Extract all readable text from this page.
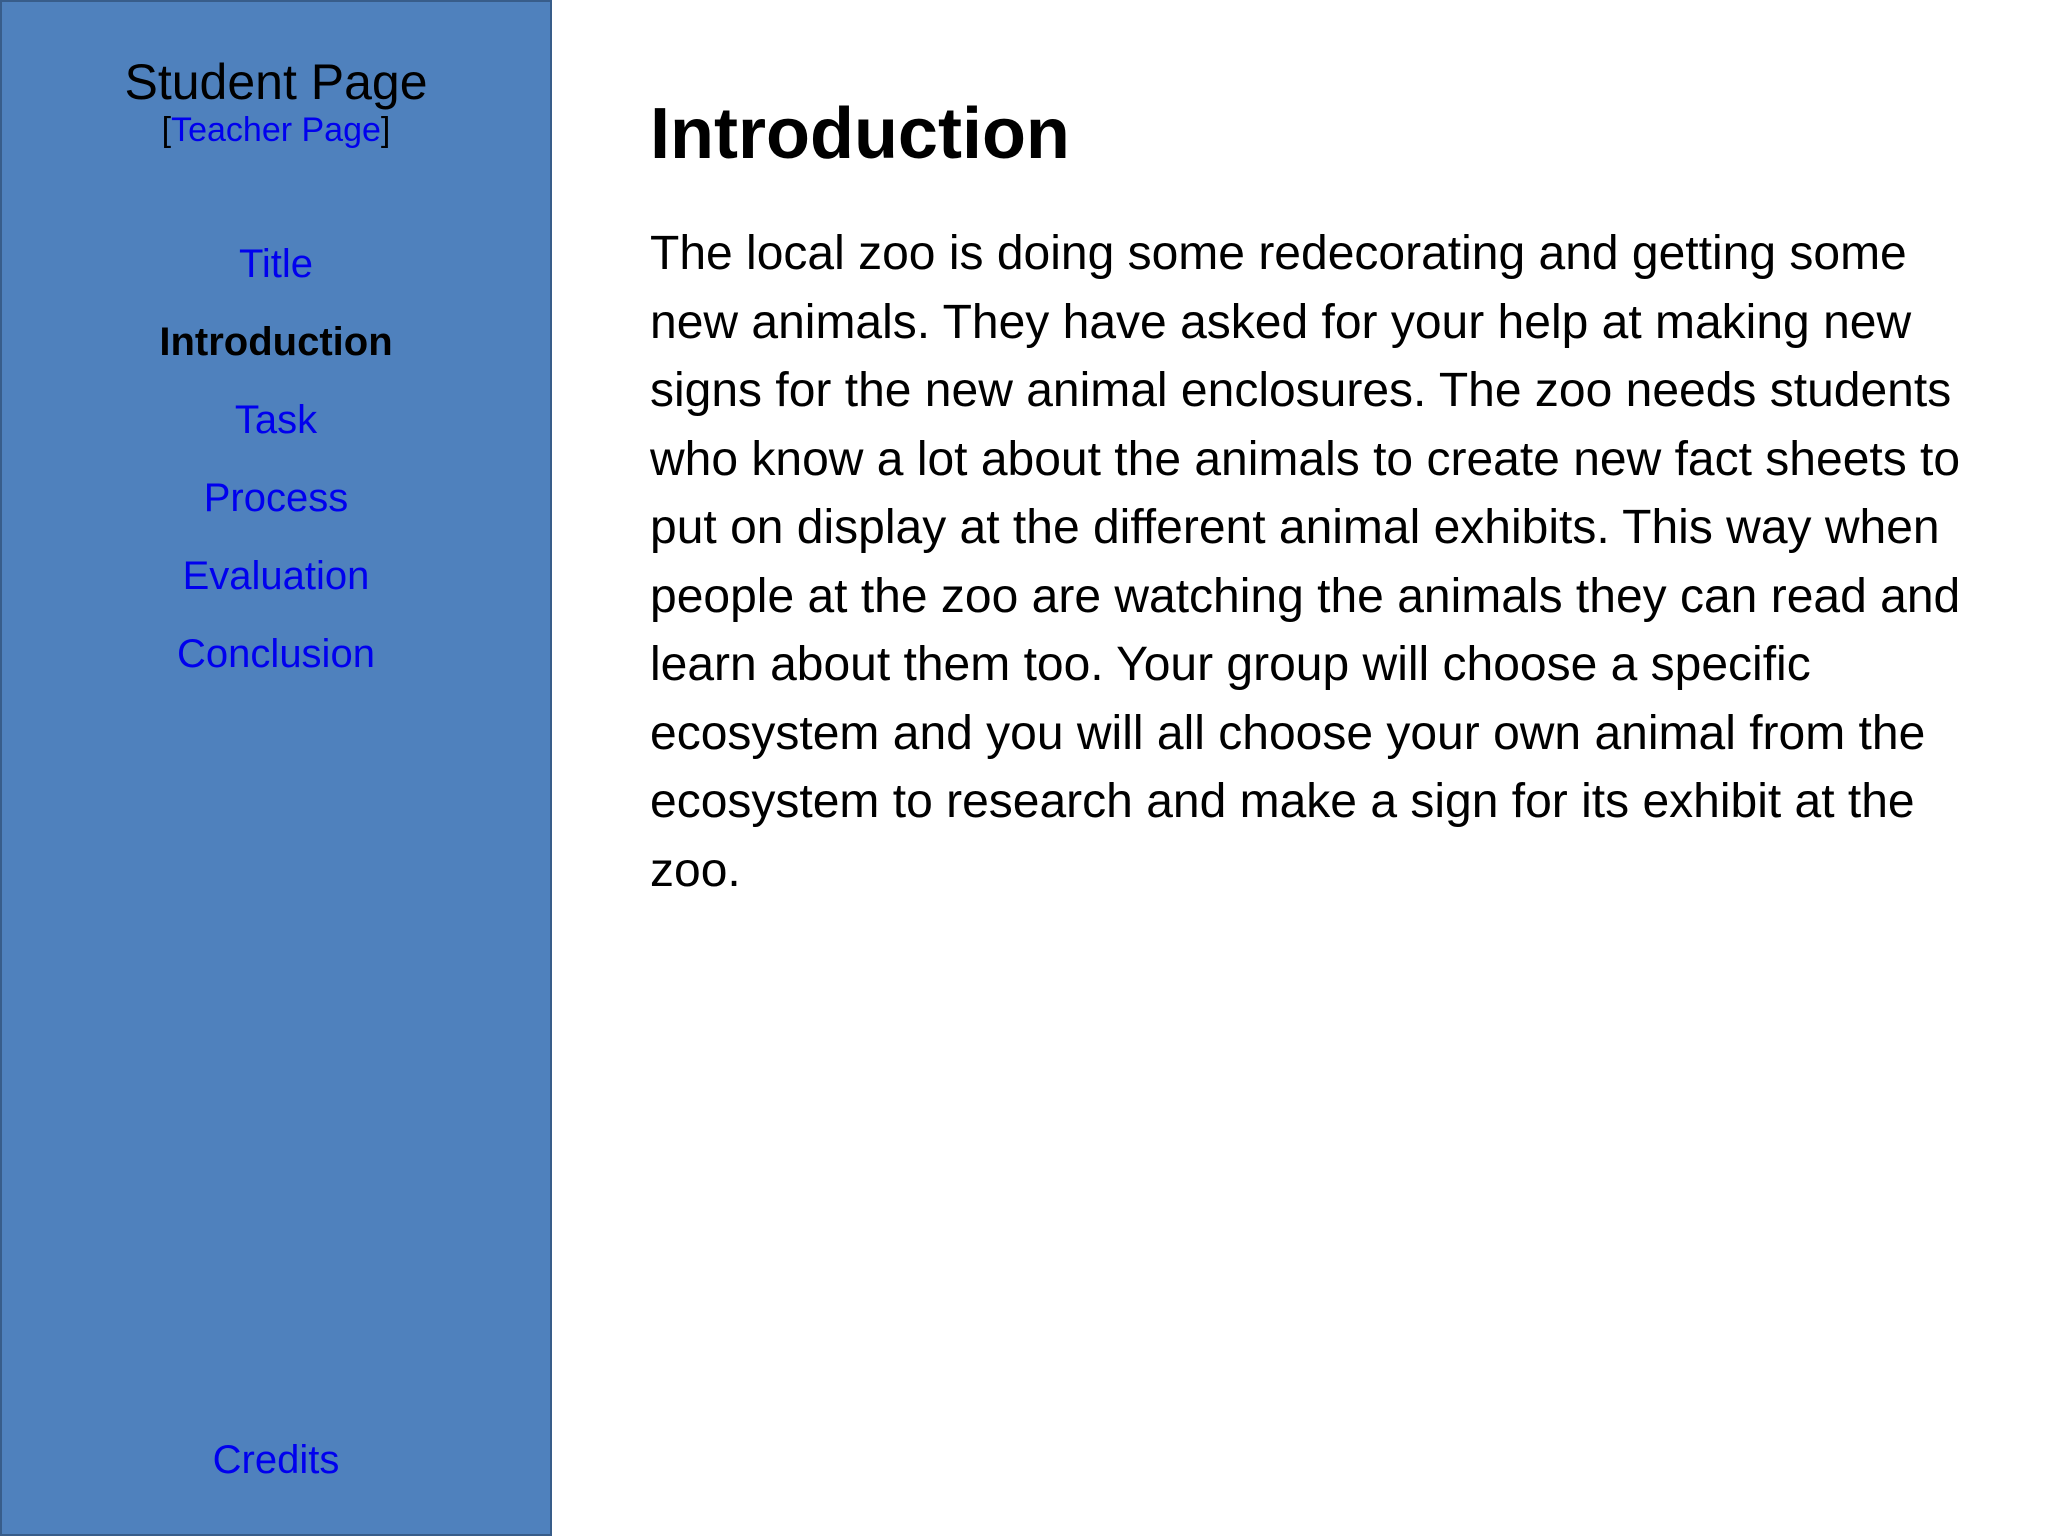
Student Page
[Teacher Page]
Title
Introduction
Task
Process
Evaluation
Conclusion
Credits
Introduction

The local zoo is doing some redecorating and getting some new animals. They have asked for your help at making new signs for the new animal enclosures. The zoo needs students who know a lot about the animals to create new fact sheets to put on display at the different animal exhibits. This way when people at the zoo are watching the animals they can read and learn about them too. Your group will choose a specific ecosystem and you will all choose your own animal from the ecosystem to research and make a sign for its exhibit at the zoo.
